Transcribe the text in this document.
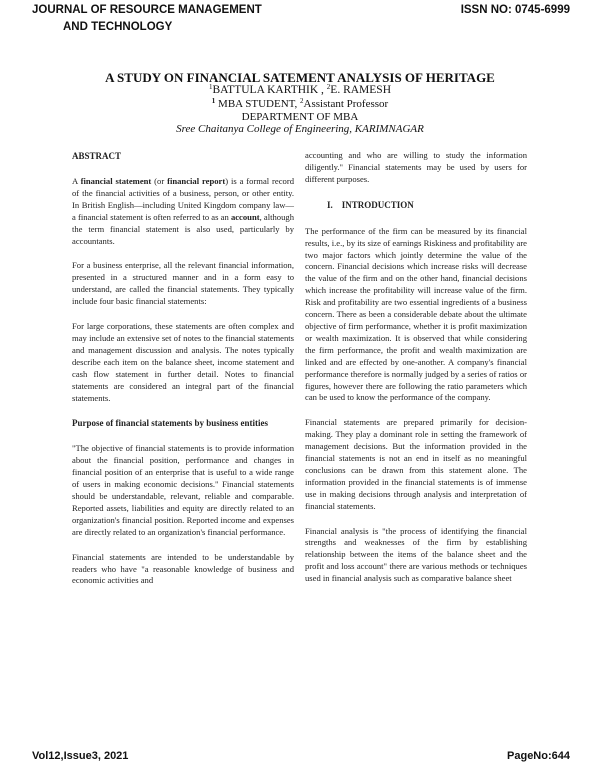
JOURNAL OF RESOURCE MANAGEMENT
AND TECHNOLOGY
ISSN NO: 0745-6999
A STUDY ON FINANCIAL SATEMENT ANALYSIS OF HERITAGE
$^1$BATTULA KARTHIK , $^2$E. RAMESH
$^1$ MBA STUDENT, $^2$Assistant Professor
DEPARTMENT OF MBA
Sree Chaitanya College of Engineering, KARIMNAGAR
ABSTRACT

A financial statement (or financial report) is a formal record of the financial activities of a business, person, or other entity. In British English—including United Kingdom company law—a financial statement is often referred to as an account, although the term financial statement is also used, particularly by accountants.

For a business enterprise, all the relevant financial information, presented in a structured manner and in a form easy to understand, are called the financial statements. They typically include four basic financial statements:

For large corporations, these statements are often complex and may include an extensive set of notes to the financial statements and management discussion and analysis. The notes typically describe each item on the balance sheet, income statement and cash flow statement in further detail. Notes to financial statements are considered an integral part of the financial statements.

Purpose of financial statements by business entities

"The objective of financial statements is to provide information about the financial position, performance and changes in financial position of an enterprise that is useful to a wide range of users in making economic decisions." Financial statements should be understandable, relevant, reliable and comparable. Reported assets, liabilities and equity are directly related to an organization's financial position. Reported income and expenses are directly related to an organization's financial performance.

Financial statements are intended to be understandable by readers who have "a reasonable knowledge of business and economic activities and

accounting and who are willing to study the information diligently." Financial statements may be used by users for different purposes.

I.    INTRODUCTION

The performance of the firm can be measured by its financial results, i.e., by its size of earnings Riskiness and profitability are two major factors which jointly determine the value of the concern. Financial decisions which increase risks will decrease the value of the firm and on the other hand, financial decisions which increase the profitability will increase value of the firm. Risk and profitability are two essential ingredients of a business concern. There as been a considerable debate about the ultimate objective of firm performance, whether it is profit maximization or wealth maximization. It is observed that while considering the firm performance, the profit and wealth maximization are linked and are effected by one-another. A company's financial performance therefore is normally judged by a series of ratios or figures, however there are following the ratio parameters which can be used to know the performance of the company.

Financial statements are prepared primarily for decision-making. They play a dominant role in setting the framework of management decisions. But the information provided in the financial statements is not an end in itself as no meaningful conclusions can be drawn from this statement alone. The information provided in the financial statements is of immense use in making decisions through analysis and interpretation of financial statements.

Financial analysis is "the process of identifying the financial strengths and weaknesses of the firm by establishing relationship between the items of the balance sheet and the profit and loss account" there are various methods or techniques used in financial analysis such as comparative balance sheet

Vol12,Issue3, 2021	PageNo:644
